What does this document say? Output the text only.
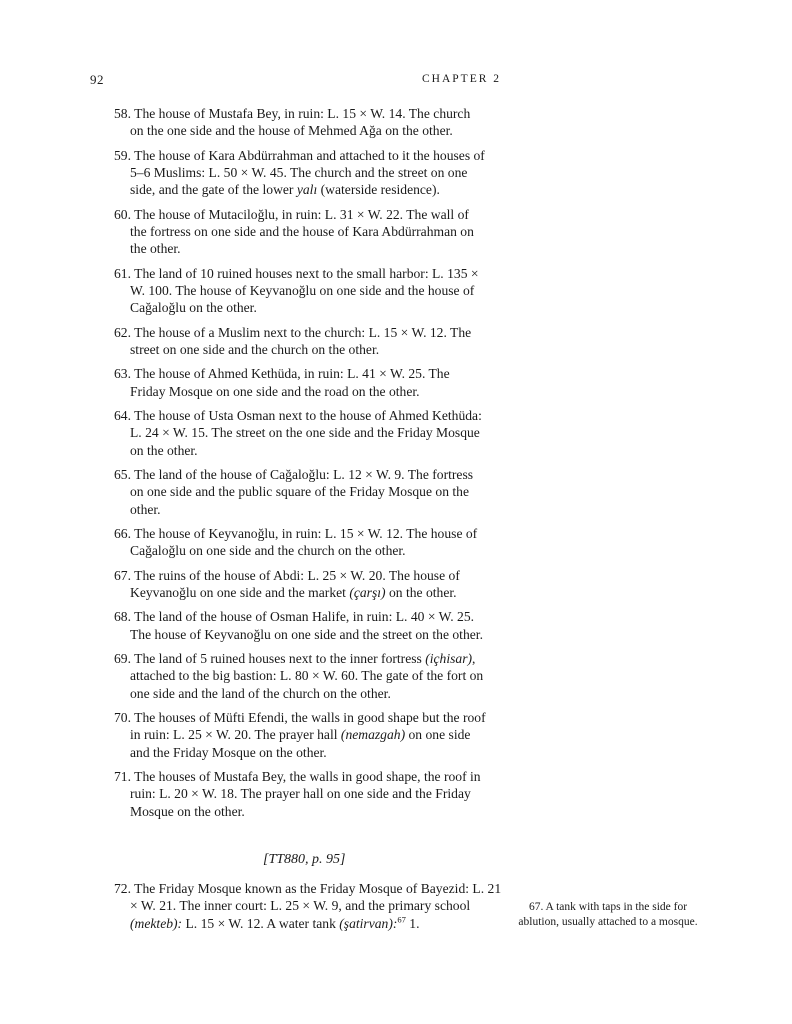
92	CHAPTER 2
58. The house of Mustafa Bey, in ruin: L. 15 × W. 14. The church on the one side and the house of Mehmed Ağa on the other.
59. The house of Kara Abdürrahman and attached to it the houses of 5–6 Muslims: L. 50 × W. 45. The church and the street on one side, and the gate of the lower yalı (waterside residence).
60. The house of Mutaciloğlu, in ruin: L. 31 × W. 22. The wall of the fortress on one side and the house of Kara Abdürrahman on the other.
61. The land of 10 ruined houses next to the small harbor: L. 135 × W. 100. The house of Keyvanoğlu on one side and the house of Cağaloğlu on the other.
62. The house of a Muslim next to the church: L. 15 × W. 12. The street on one side and the church on the other.
63. The house of Ahmed Kethüda, in ruin: L. 41 × W. 25. The Friday Mosque on one side and the road on the other.
64. The house of Usta Osman next to the house of Ahmed Kethüda: L. 24 × W. 15. The street on the one side and the Friday Mosque on the other.
65. The land of the house of Cağaloğlu: L. 12 × W. 9. The fortress on one side and the public square of the Friday Mosque on the other.
66. The house of Keyvanoğlu, in ruin: L. 15 × W. 12. The house of Cağaloğlu on one side and the church on the other.
67. The ruins of the house of Abdi: L. 25 × W. 20. The house of Keyvanoğlu on one side and the market (çarşı) on the other.
68. The land of the house of Osman Halife, in ruin: L. 40 × W. 25. The house of Keyvanoğlu on one side and the street on the other.
69. The land of 5 ruined houses next to the inner fortress (içhisar), attached to the big bastion: L. 80 × W. 60. The gate of the fort on one side and the land of the church on the other.
70. The houses of Müfti Efendi, the walls in good shape but the roof in ruin: L. 25 × W. 20. The prayer hall (nemazgah) on one side and the Friday Mosque on the other.
71. The houses of Mustafa Bey, the walls in good shape, the roof in ruin: L. 20 × W. 18. The prayer hall on one side and the Friday Mosque on the other.
[TT880, p. 95]
72. The Friday Mosque known as the Friday Mosque of Bayezid: L. 21 × W. 21. The inner court: L. 25 × W. 9, and the primary school (mekteb): L. 15 × W. 12. A water tank (şatirvan):$^{67}$ 1.
67. A tank with taps in the side for ablution, usually attached to a mosque.
